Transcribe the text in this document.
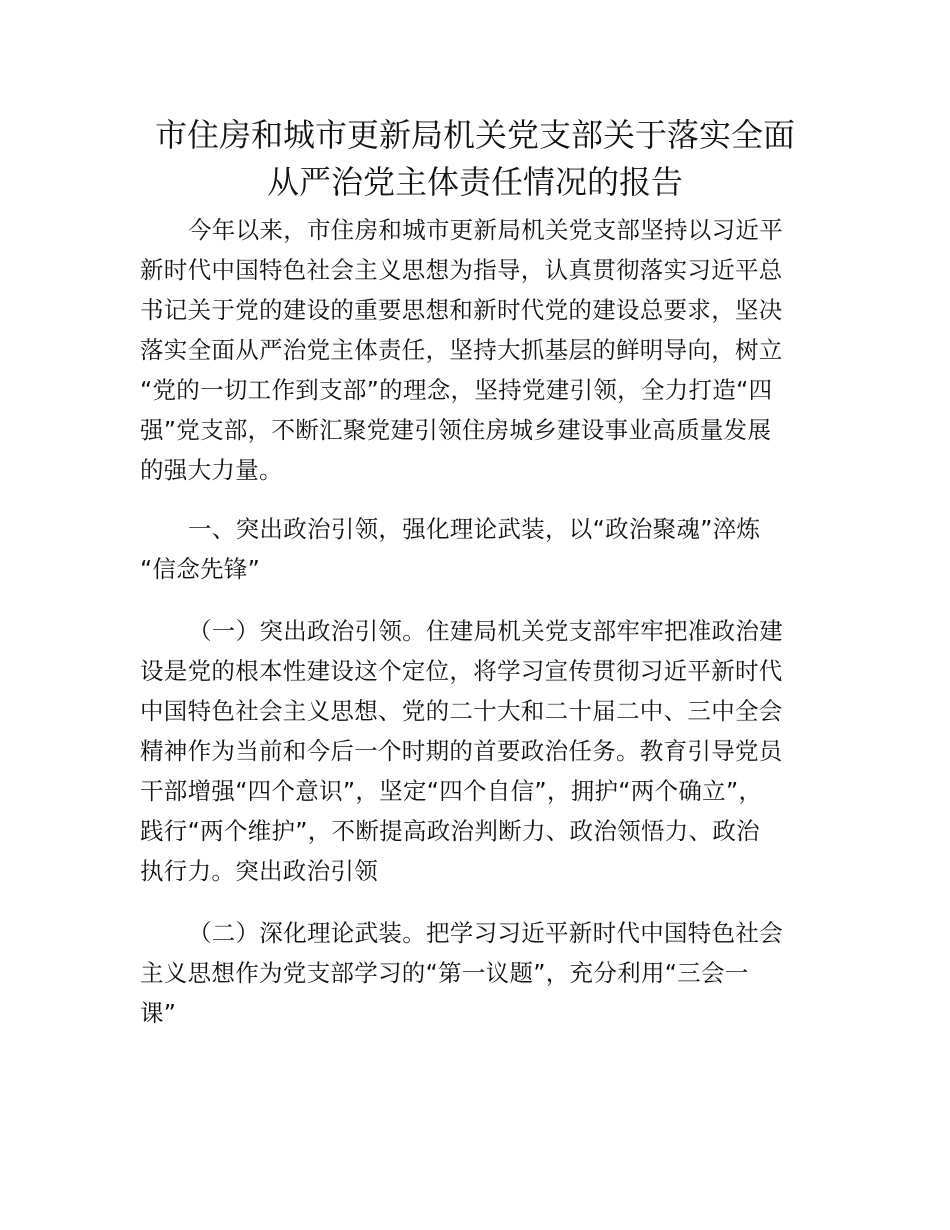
市住房和城市更新局机关党支部关于落实全面
从严治党主体责任情况的报告

今年以来，市住房和城市更新局机关党支部坚持以习近平
新时代中国特色社会主义思想为指导，认真贯彻落实习近平总
书记关于党的建设的重要思想和新时代党的建设总要求，坚决
落实全面从严治党主体责任，坚持大抓基层的鲜明导向，树立
“党的一切工作到支部”的理念，坚持党建引领，全力打造“四
强”党支部，不断汇聚党建引领住房城乡建设事业高质量发展
的强大力量。

一、突出政治引领，强化理论武装，以“政治聚魂”淬炼
“信念先锋”

（一）突出政治引领。住建局机关党支部牢牢把准政治建
设是党的根本性建设这个定位，将学习宣传贯彻习近平新时代
中国特色社会主义思想、党的二十大和二十届二中、三中全会
精神作为当前和今后一个时期的首要政治任务。教育引导党员
干部增强“四个意识”，坚定“四个自信”，拥护“两个确立”，
践行“两个维护”，不断提高政治判断力、政治领悟力、政治
执行力。突出政治引领

（二）深化理论武装。把学习习近平新时代中国特色社会
主义思想作为党支部学习的“第一议题”，充分利用“三会一
课”
